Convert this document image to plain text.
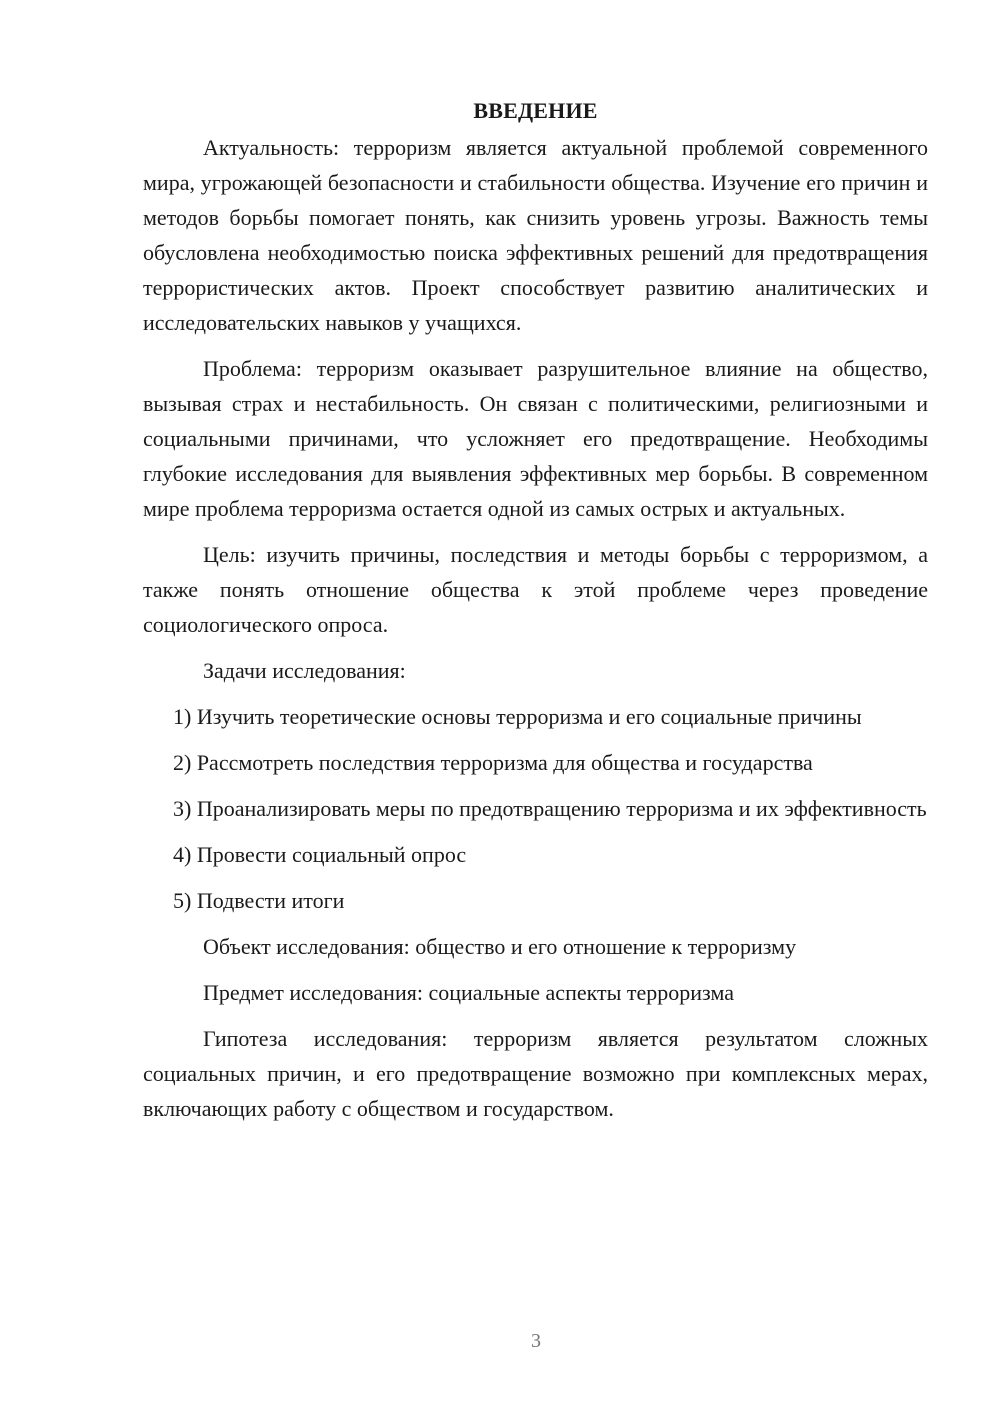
ВВЕДЕНИЕ

Актуальность: терроризм является актуальной проблемой современного мира, угрожающей безопасности и стабильности общества. Изучение его причин и методов борьбы помогает понять, как снизить уровень угрозы. Важность темы обусловлена необходимостью поиска эффективных решений для предотвращения террористических актов. Проект способствует развитию аналитических и исследовательских навыков у учащихся.

Проблема: терроризм оказывает разрушительное влияние на общество, вызывая страх и нестабильность. Он связан с политическими, религиозными и социальными причинами, что усложняет его предотвращение. Необходимы глубокие исследования для выявления эффективных мер борьбы. В современном мире проблема терроризма остается одной из самых острых и актуальных.

Цель: изучить причины, последствия и методы борьбы с терроризмом, а также понять отношение общества к этой проблеме через проведение социологического опроса.

Задачи исследования:

1) Изучить теоретические основы терроризма и его социальные причины

2) Рассмотреть последствия терроризма для общества и государства

3) Проанализировать меры по предотвращению терроризма и их эффективность

4) Провести социальный опрос

5) Подвести итоги

Объект исследования: общество и его отношение к терроризму

Предмет исследования: социальные аспекты терроризма

Гипотеза исследования: терроризм является результатом сложных социальных причин, и его предотвращение возможно при комплексных мерах, включающих работу с обществом и государством.

3
